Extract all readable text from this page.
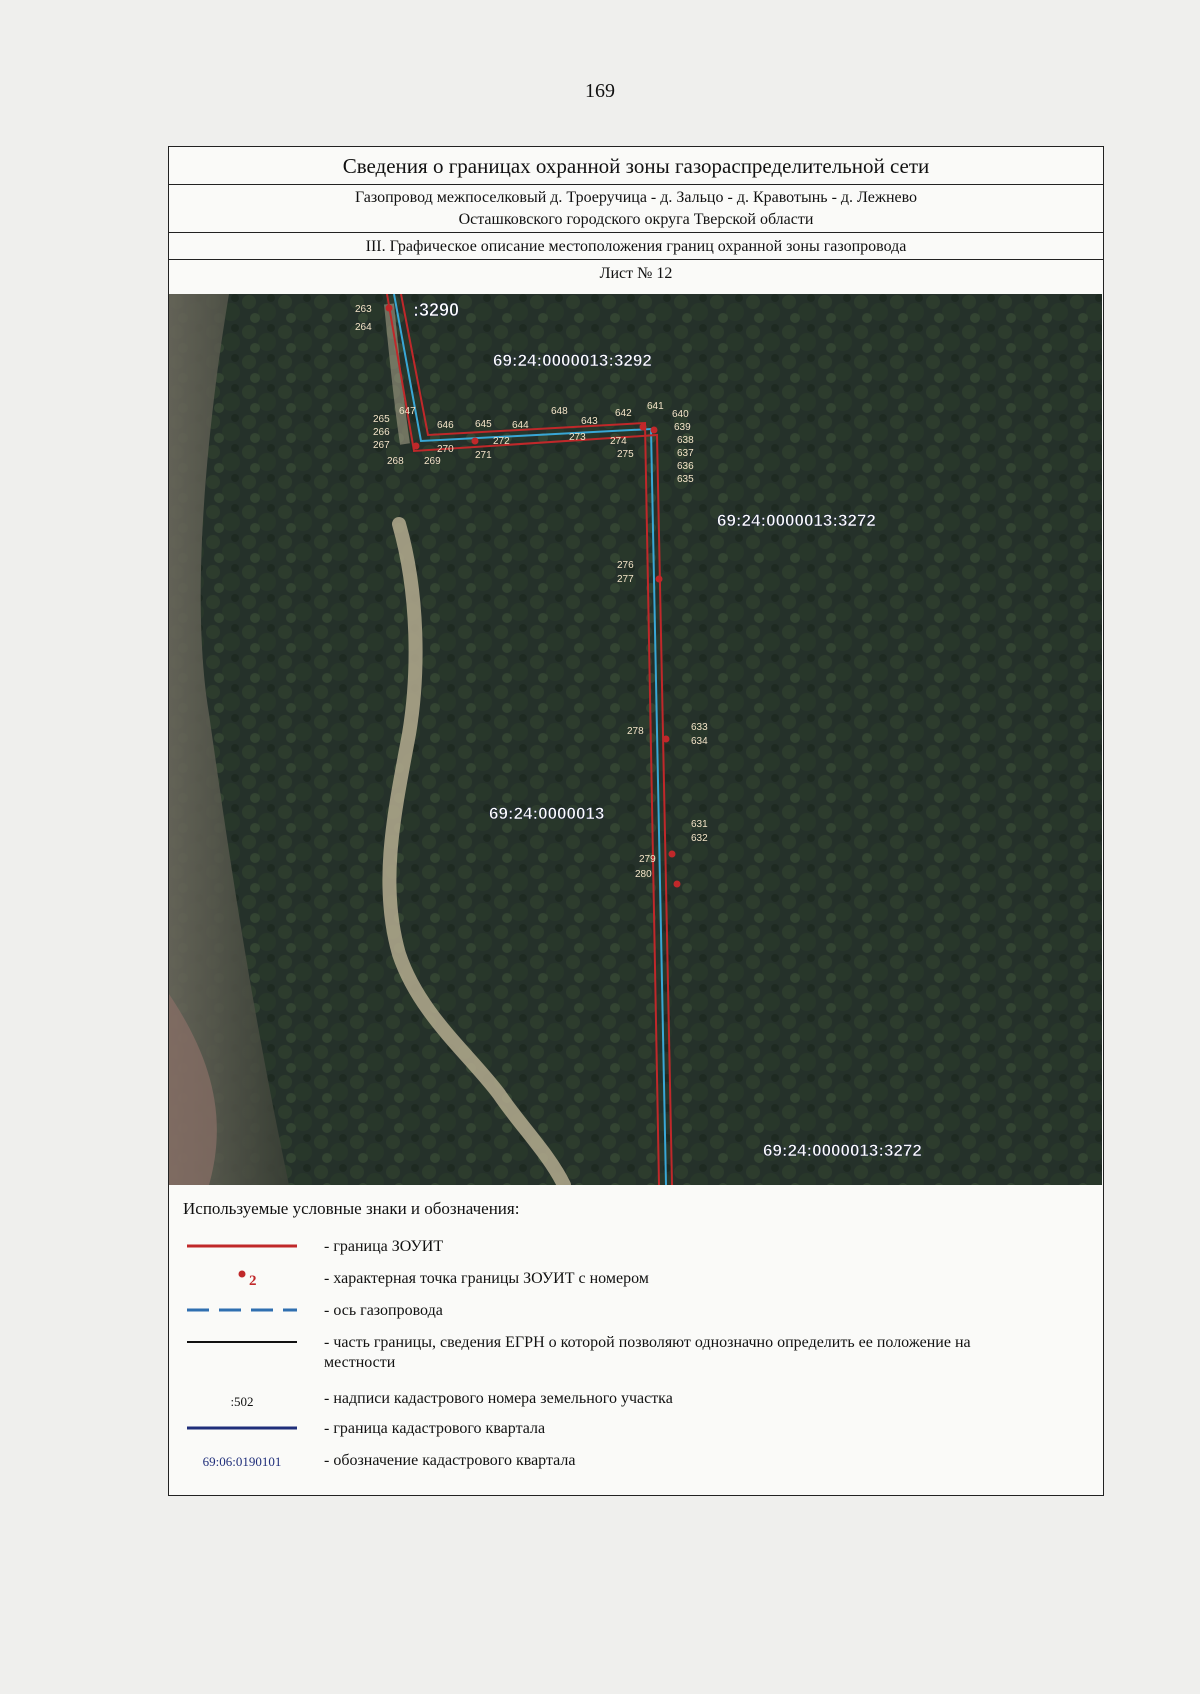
169
Сведения о границах охранной зоны газораспределительной сети
Газопровод межпоселковый д. Троеручица - д. Зальцо - д. Кравотынь - д. Лежнево
Осташковского городского округа Тверской области
III. Графическое описание местоположения границ охранной зоны газопровода
Лист № 12
:3290
69:24:0000013:3292
69:24:0000013:3272
69:24:0000013
69:24:0000013:3272
263
264
265
266
267
268 269
270
271
272	273 274
275
276
277
278
279
280
631
632
633
634
635
636
637
638
639
640
641
642
643
644
645
646
647	648
Используемые условные знаки и обозначения:
- граница ЗОУИТ
2	- характерная точка границы ЗОУИТ с номером
- ось газопровода
- часть границы, сведения ЕГРН о которой позволяют однозначно определить ее положение на местности
:502	- надписи кадастрового номера земельного участка
- граница кадастрового квартала
69:06:0190101	- обозначение кадастрового квартала
